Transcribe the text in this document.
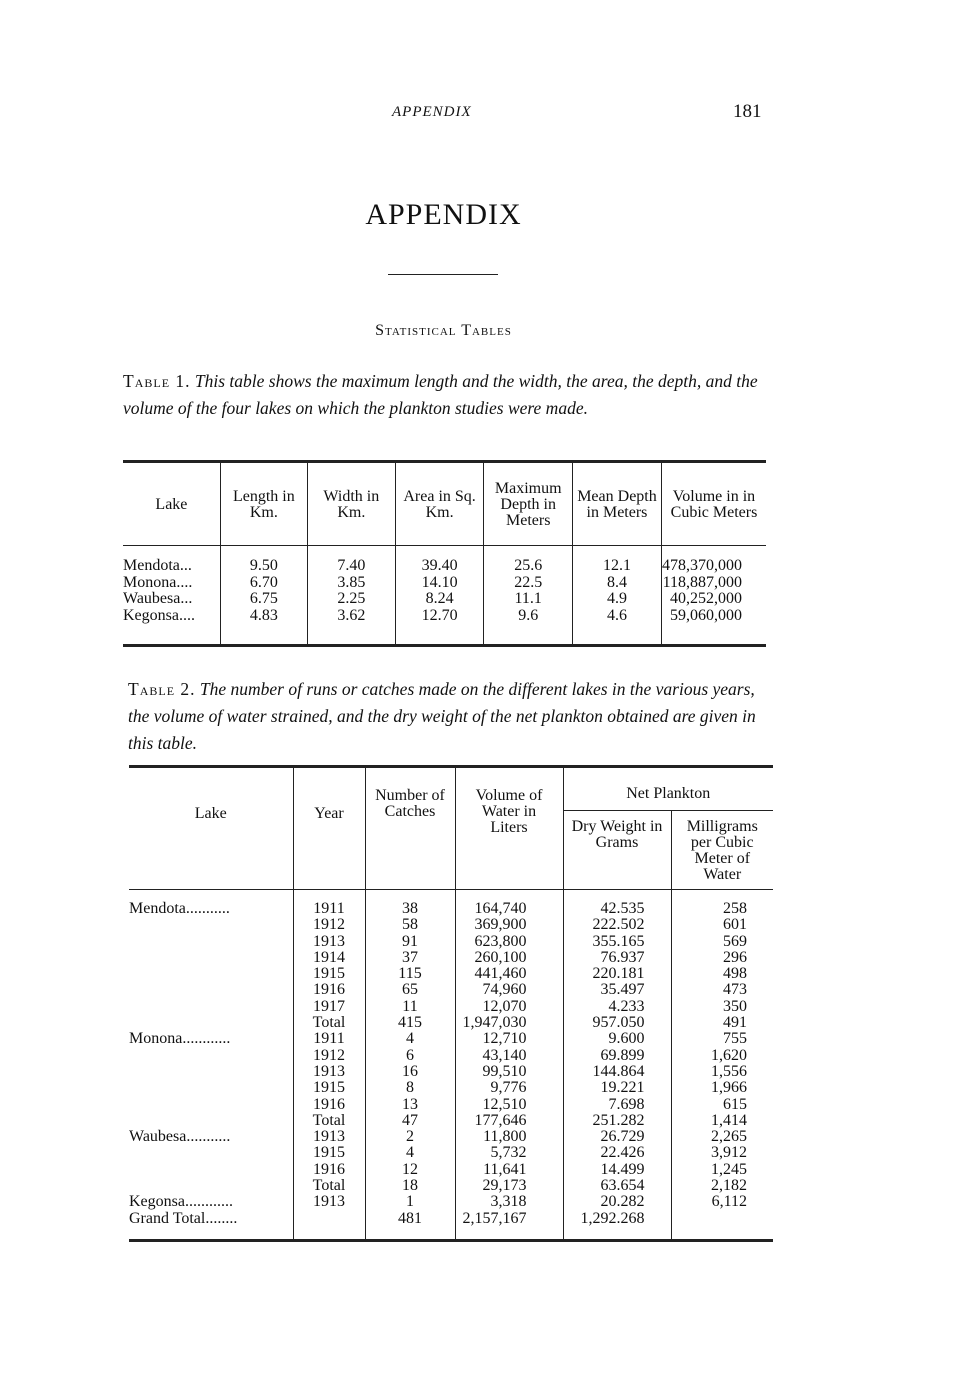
APPENDIX	181
APPENDIX
Statistical Tables
Table 1. This table shows the maximum length and the width, the area, the depth, and the volume of the four lakes on which the plankton studies were made.
Lake	Length in Km.	Width in Km.	Area in Sq. Km.	Maximum Depth in Meters	Mean Depth in Meters	Volume in in Cubic Meters
Mendota...	9.50	7.40	39.40	25.6	12.1	478,370,000
Monona....	6.70	3.85	14.10	22.5	8.4	118,887,000
Waubesa...	6.75	2.25	8.24	11.1	4.9	40,252,000
Kegonsa....	4.83	3.62	12.70	9.6	4.6	59,060,000
Table 2. The number of runs or catches made on the different lakes in the various years, the volume of water strained, and the dry weight of the net plankton obtained are given in this table.
Lake	Year	Number of Catches	Volume of Water in Liters	Net Plankton	
				Dry Weight in Grams	Milligrams per Cubic Meter of Water
Mendota...........	1911	38	164,740	42.535	258
	1912	58	369,900	222.502	601
	1913	91	623,800	355.165	569
	1914	37	260,100	76.937	296
	1915	115	441,460	220.181	498
	1916	65	74,960	35.497	473
	1917	11	12,070	4.233	350
	Total	415	1,947,030	957.050	491
Monona............	1911	4	12,710	9.600	755
	1912	6	43,140	69.899	1,620
	1913	16	99,510	144.864	1,556
	1915	8	9,776	19.221	1,966
	1916	13	12,510	7.698	615
	Total	47	177,646	251.282	1,414
Waubesa...........	1913	2	11,800	26.729	2,265
	1915	4	5,732	22.426	3,912
	1916	12	11,641	14.499	1,245
	Total	18	29,173	63.654	2,182
Kegonsa............	1913	1	3,318	20.282	6,112
Grand Total........		481	2,157,167	1,292.268	
